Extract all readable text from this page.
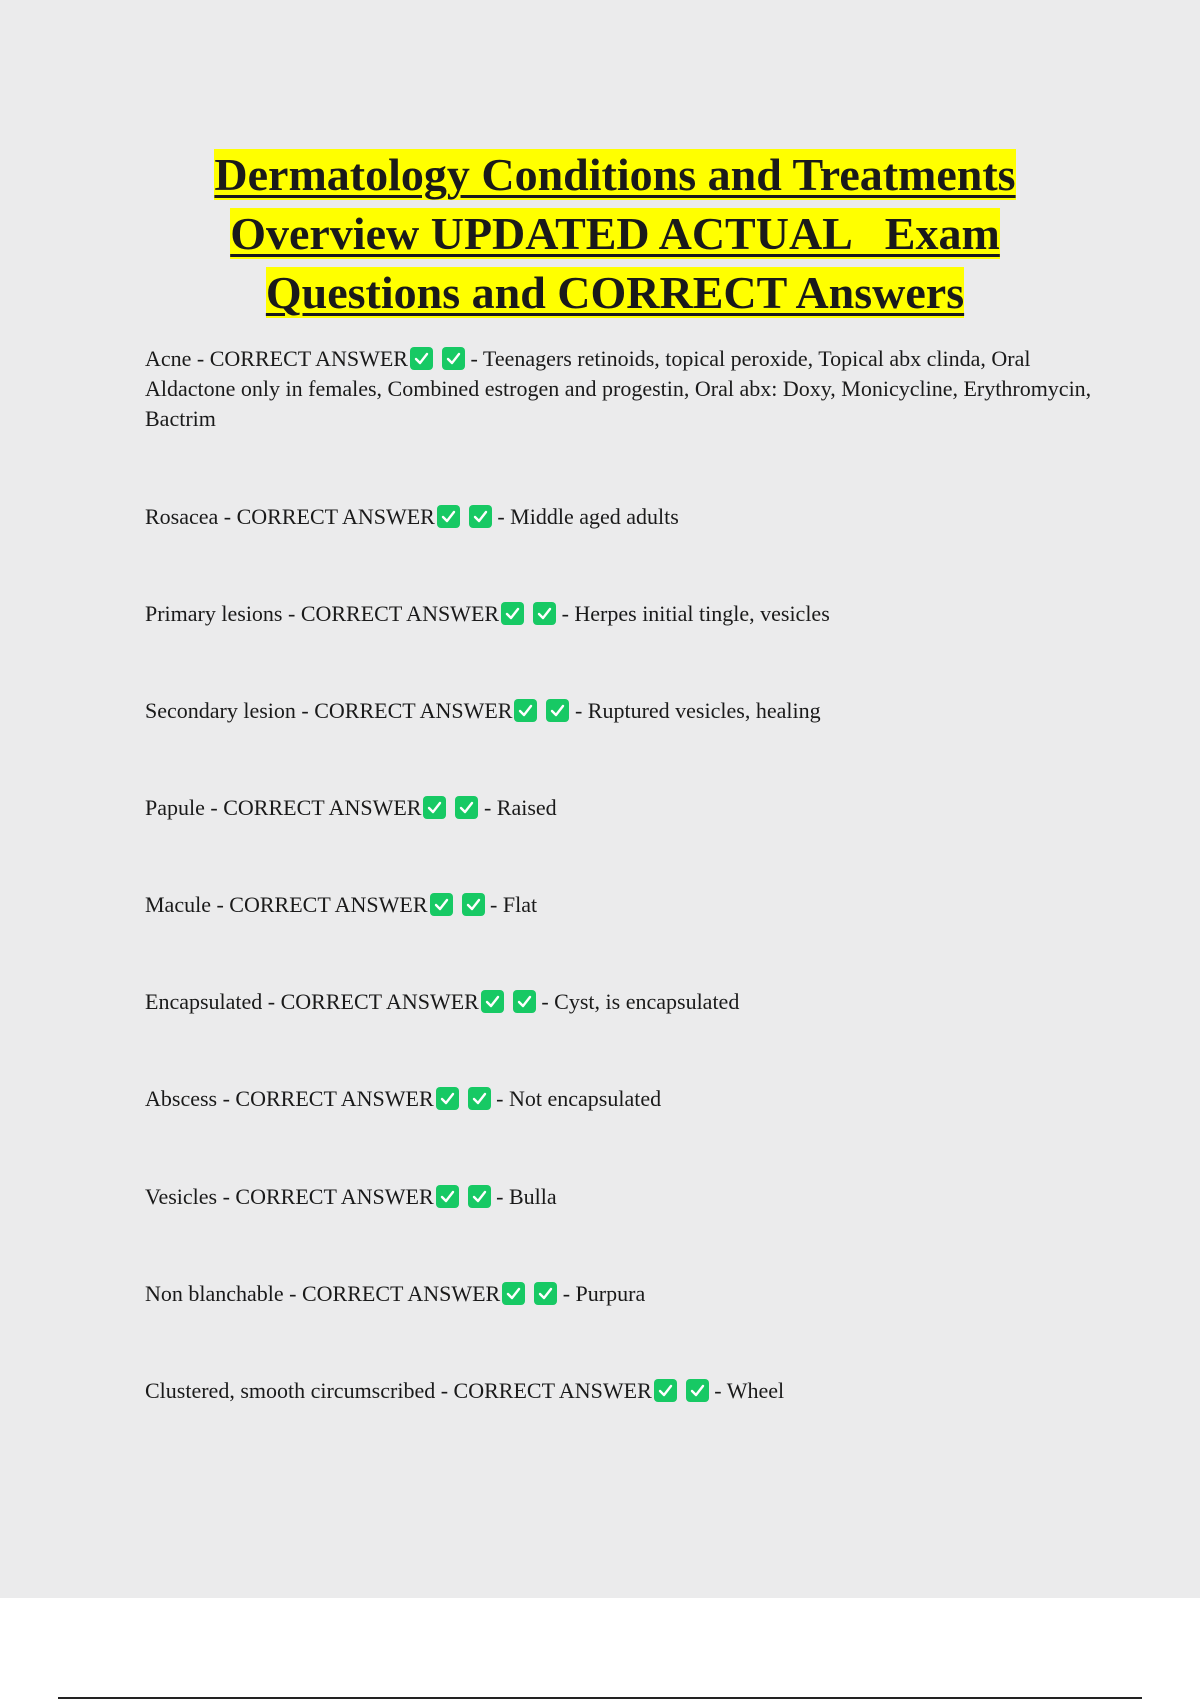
Dermatology Conditions and Treatments
Overview UPDATED ACTUAL   Exam
Questions and CORRECT Answers

Acne - CORRECT ANSWER	- Teenagers retinoids, topical peroxide, Topical abx clinda, Oral Aldactone only in females, Combined estrogen and progestin, Oral abx: Doxy, Monicycline, Erythromycin, Bactrim

Rosacea - CORRECT ANSWER	- Middle aged adults

Primary lesions - CORRECT ANSWER	- Herpes initial tingle, vesicles

Secondary lesion - CORRECT ANSWER	- Ruptured vesicles, healing

Papule - CORRECT ANSWER	- Raised

Macule - CORRECT ANSWER	- Flat

Encapsulated - CORRECT ANSWER	- Cyst, is encapsulated

Abscess - CORRECT ANSWER	- Not encapsulated

Vesicles - CORRECT ANSWER	- Bulla

Non blanchable - CORRECT ANSWER	- Purpura

Clustered, smooth circumscribed - CORRECT ANSWER	- Wheel
